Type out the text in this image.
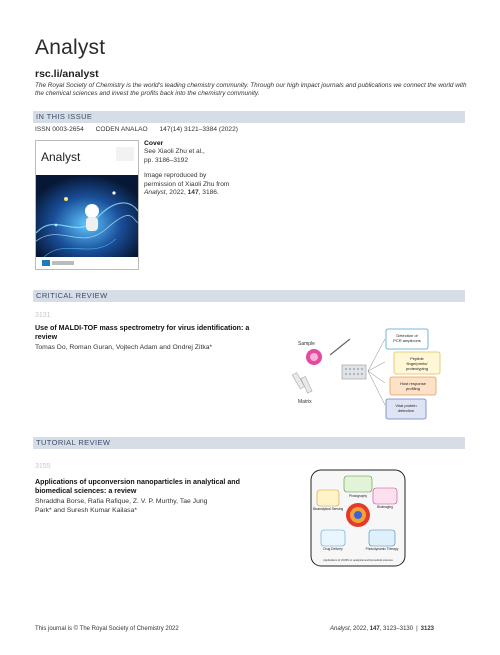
Analyst
rsc.li/analyst
The Royal Society of Chemistry is the world's leading chemistry community. Through our high impact journals and publications we connect the world with the chemical sciences and invest the profits back into the chemistry community.
IN THIS ISSUE
ISSN 0003-2654 CODEN ANALAO 147(14) 3121–3384 (2022)
Analyst
Cover
See Xiaoli Zhu et al.,
pp. 3186–3192
Image reproduced by
permission of Xiaoli Zhu from
Analyst, 2022, 147, 3186.
CRITICAL REVIEW
3131
Use of MALDI-TOF mass spectrometry for virus identification: a review
Tomas Do, Roman Guran, Vojtech Adam and Ondrej Zitka*	Sample
Matrix
Detection of PCR amplicons
Peptide fingerprints/ proteotyping
Host response profiling
Viral protein detection
TUTORIAL REVIEW
3155
Applications of upconversion nanoparticles in analytical and biomedical sciences: a review
Shraddha Borse, Rafia Rafique, Z. V. P. Murthy, Tae Jung Park* and Suresh Kumar Kailasa*
Photography
Bioimaging
Bioanalytical Sensing
Photodynamic Therapy
Drug Delivery
Applications of UCNPs in analytical and biomedical sciences
This journal is © The Royal Society of Chemistry 2022	Analyst, 2022, 147, 3123–3130 | 3123
